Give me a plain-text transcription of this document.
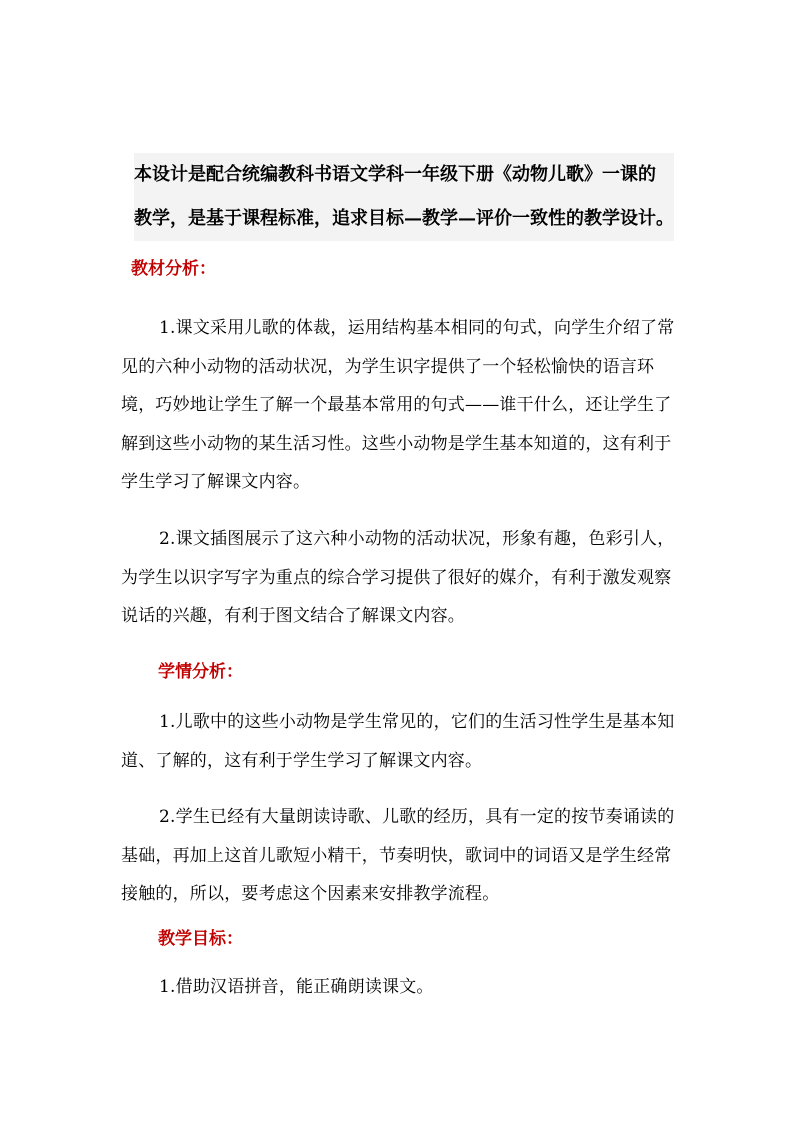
本设计是配合统编教科书语文学科一年级下册《动物儿歌》一课的

教学，是基于课程标准，追求目标—教学—评价一致性的教学设计。

教材分析：

1.课文采用儿歌的体裁，运用结构基本相同的句式，向学生介绍了常见的六种小动物的活动状况，为学生识字提供了一个轻松愉快的语言环境，巧妙地让学生了解一个最基本常用的句式——谁干什么，还让学生了解到这些小动物的某生活习性。这些小动物是学生基本知道的，这有利于学生学习了解课文内容。

2.课文插图展示了这六种小动物的活动状况，形象有趣，色彩引人，为学生以识字写字为重点的综合学习提供了很好的媒介，有利于激发观察说话的兴趣，有利于图文结合了解课文内容。

学情分析：

1.儿歌中的这些小动物是学生常见的，它们的生活习性学生是基本知道、了解的，这有利于学生学习了解课文内容。

2.学生已经有大量朗读诗歌、儿歌的经历，具有一定的按节奏诵读的基础，再加上这首儿歌短小精干，节奏明快，歌词中的词语又是学生经常接触的，所以，要考虑这个因素来安排教学流程。

教学目标：

1.借助汉语拼音，能正确朗读课文。
